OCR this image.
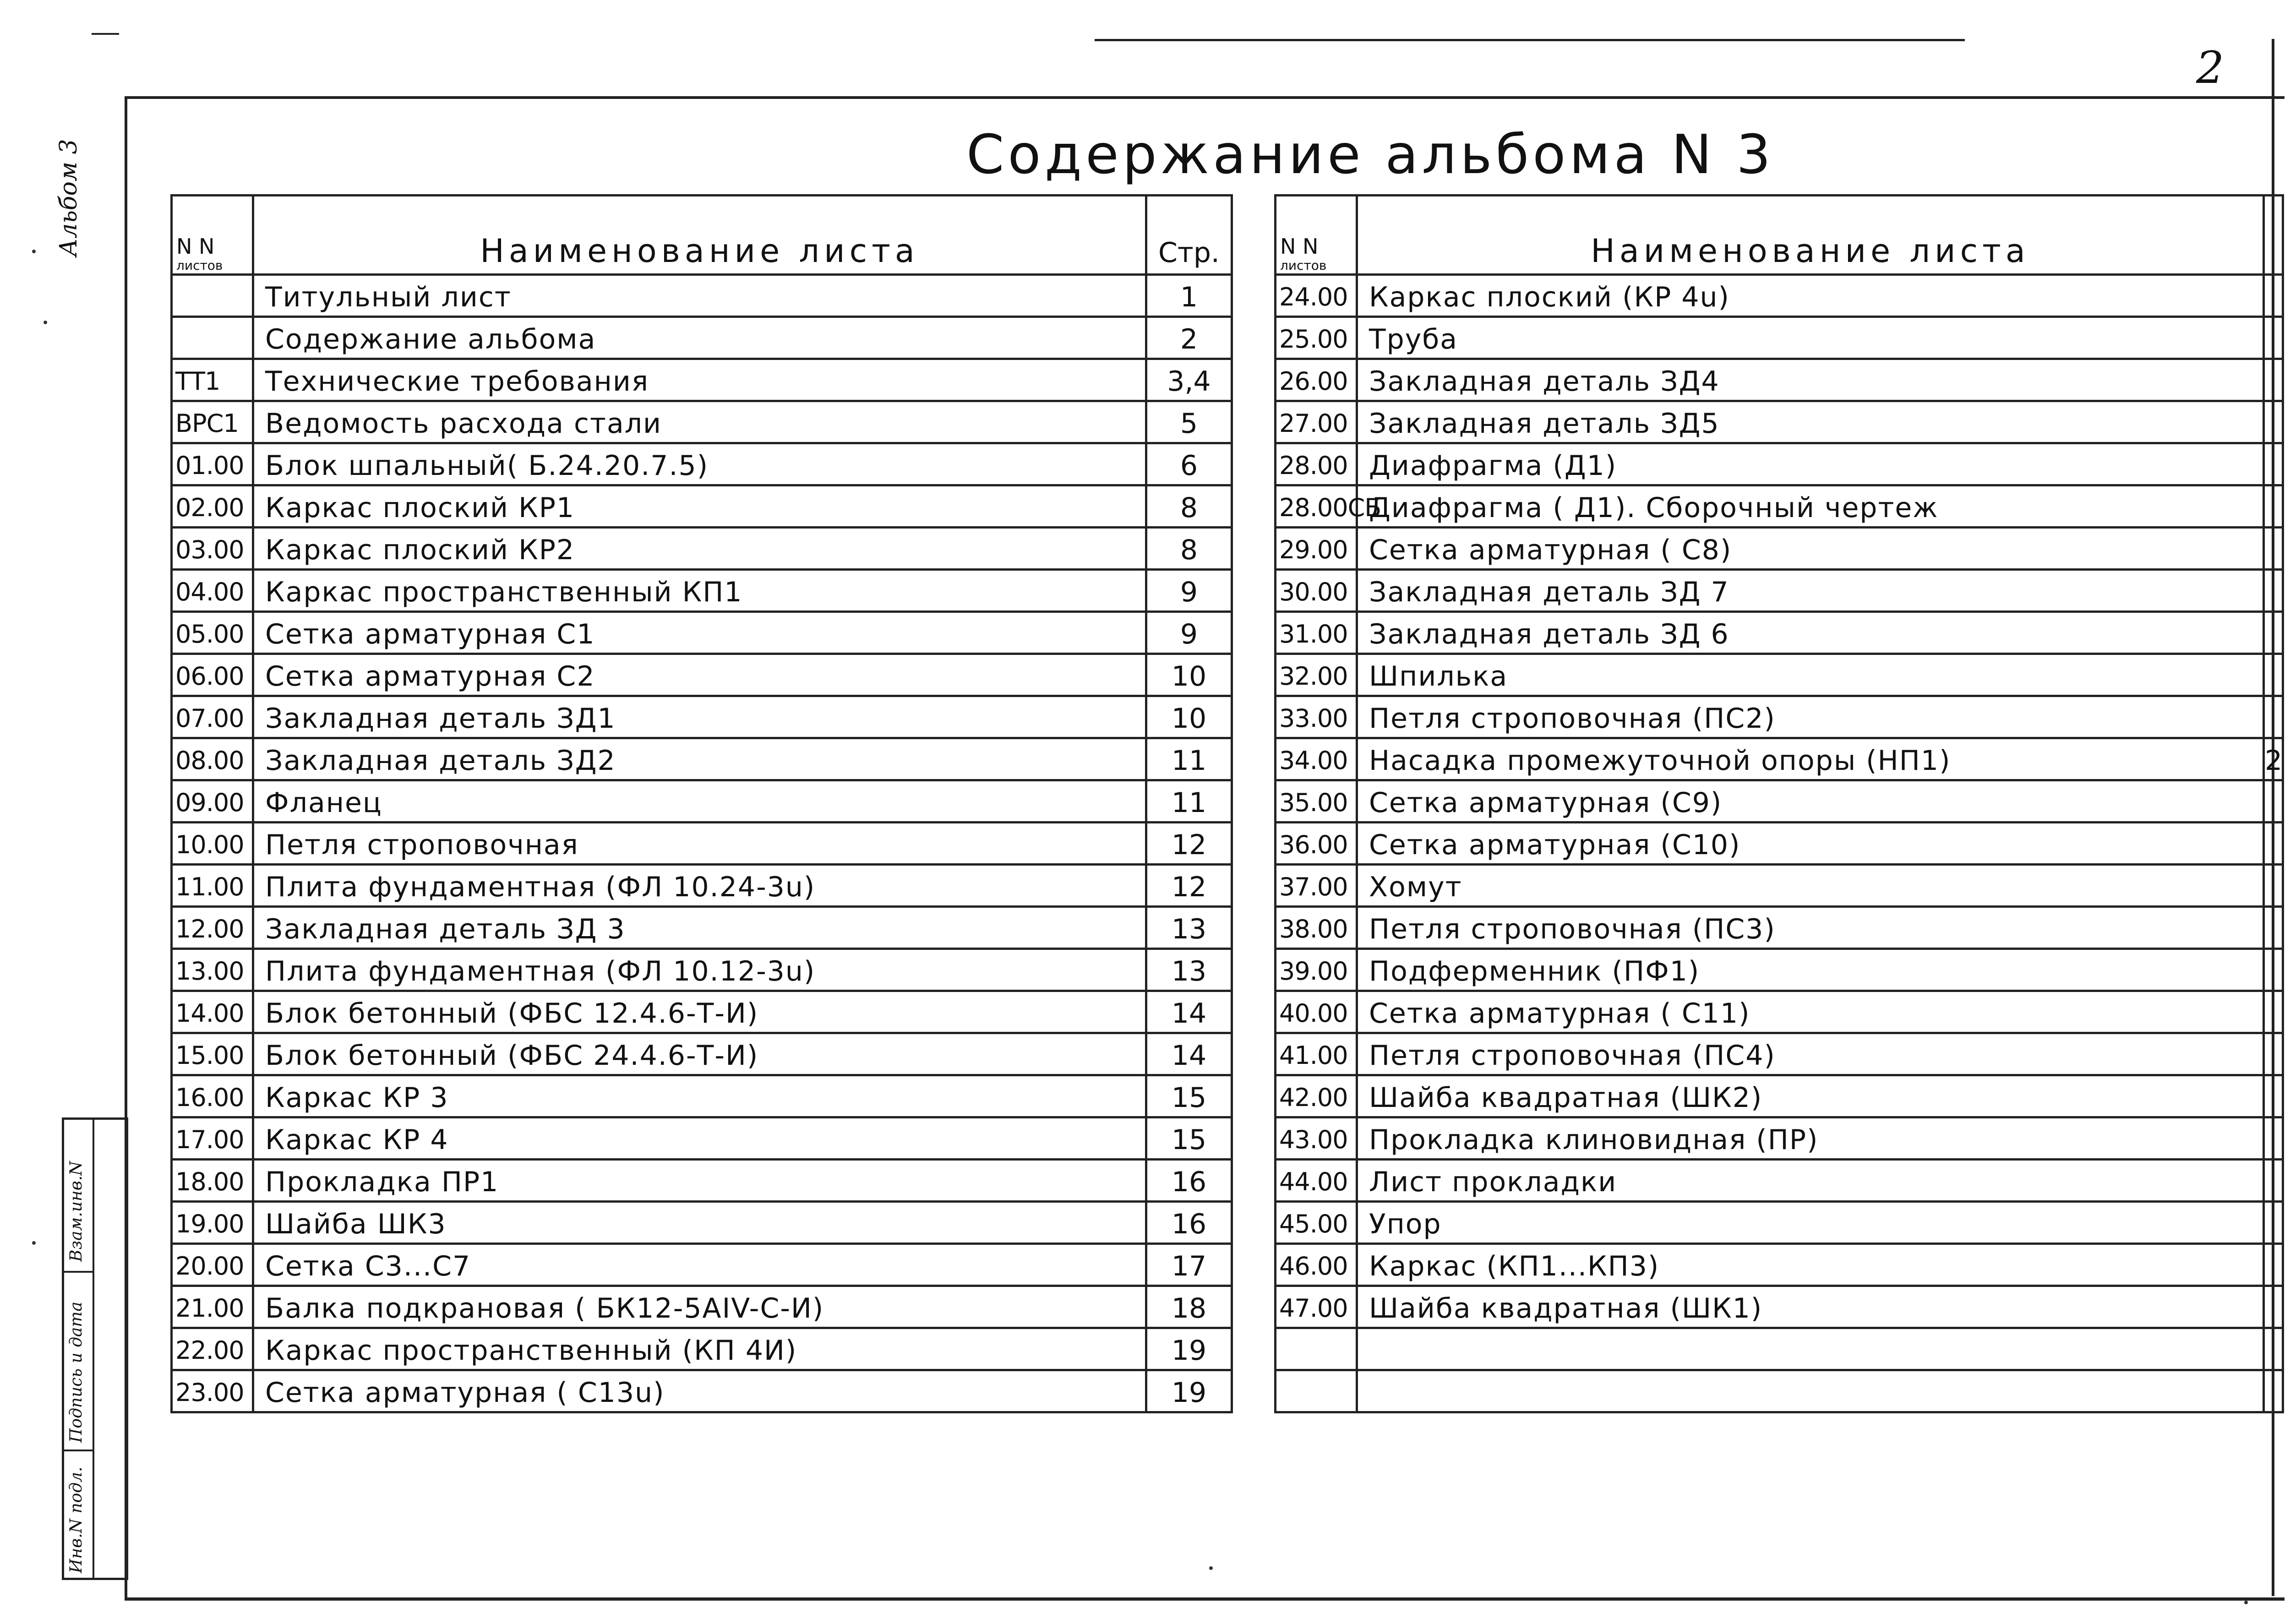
2
Альбом 3
Взам.инв.N
Подпись и дата
Инв.N подл.
Содержание альбома N 3
N N
листов	Наименование листа	Стр.

	Титульный лист	1
	Содержание альбома	2
ТТ1	Технические требования	3,4
ВРС1	Ведомость расхода стали	5
01.00	Блок шпальный( Б.24.20.7.5)	6
02.00	Каркас плоский КР1	8
03.00	Каркас плоский КР2	8
04.00	Каркас пространственный КП1	9
05.00	Сетка арматурная С1	9
06.00	Сетка арматурная С2	10
07.00	Закладная деталь ЗД1	10
08.00	Закладная деталь ЗД2	11
09.00	Фланец	11
10.00	Петля строповочная	12
11.00	Плита фундаментная (ФЛ 10.24-3u)	12
12.00	Закладная деталь ЗД 3	13
13.00	Плита фундаментная (ФЛ 10.12-3u)	13
14.00	Блок бетонный (ФБС 12.4.6-Т-И)	14
15.00	Блок бетонный (ФБС 24.4.6-Т-И)	14
16.00	Каркас КР 3	15
17.00	Каркас КР 4	15
18.00	Прокладка ПР1	16
19.00	Шайба ШК3	16
20.00	Сетка С3...С7	17
21.00	Балка подкрановая ( БК12-5АIV-С-И)	18
22.00	Каркас пространственный (КП 4И)	19
23.00	Сетка арматурная ( С13u)	19
N N
листов	Наименование листа	

24.00	Каркас плоский (КР 4u)	
25.00	Труба	
26.00	Закладная деталь ЗД4	
27.00	Закладная деталь ЗД5	
28.00	Диафрагма (Д1)	
28.00СБ	Диафрагма ( Д1). Сборочный чертеж	
29.00	Сетка арматурная ( С8)	
30.00	Закладная деталь ЗД 7	
31.00	Закладная деталь ЗД 6	
32.00	Шпилька	
33.00	Петля строповочная (ПС2)	
34.00	Насадка промежуточной опоры (НП1)	2
35.00	Сетка арматурная (С9)	
36.00	Сетка арматурная (С10)	
37.00	Хомут	
38.00	Петля строповочная (ПС3)	
39.00	Подферменник (ПФ1)	
40.00	Сетка арматурная ( С11)	
41.00	Петля строповочная (ПС4)	
42.00	Шайба квадратная (ШК2)	
43.00	Прокладка клиновидная (ПР)	
44.00	Лист прокладки	
45.00	Упор	
46.00	Каркас (КП1...КП3)	
47.00	Шайба квадратная (ШК1)	
